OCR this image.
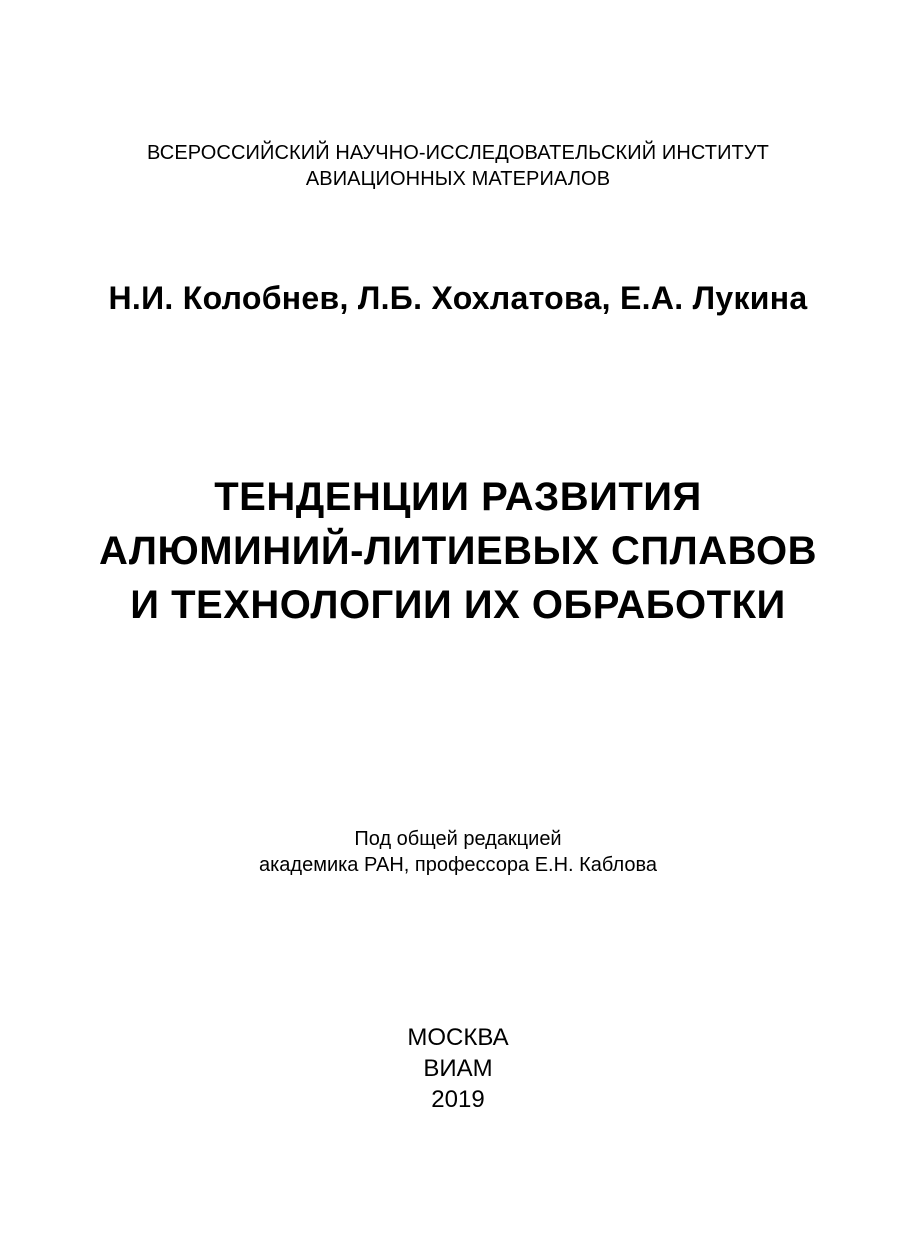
ВСЕРОССИЙСКИЙ НАУЧНО-ИССЛЕДОВАТЕЛЬСКИЙ ИНСТИТУТ
АВИАЦИОННЫХ МАТЕРИАЛОВ
Н.И. Колобнев, Л.Б. Хохлатова, Е.А. Лукина
ТЕНДЕНЦИИ РАЗВИТИЯ
АЛЮМИНИЙ-ЛИТИЕВЫХ СПЛАВОВ
И ТЕХНОЛОГИИ ИХ ОБРАБОТКИ
Под общей редакцией
академика РАН, профессора Е.Н. Каблова
МОСКВА
ВИАМ
2019
